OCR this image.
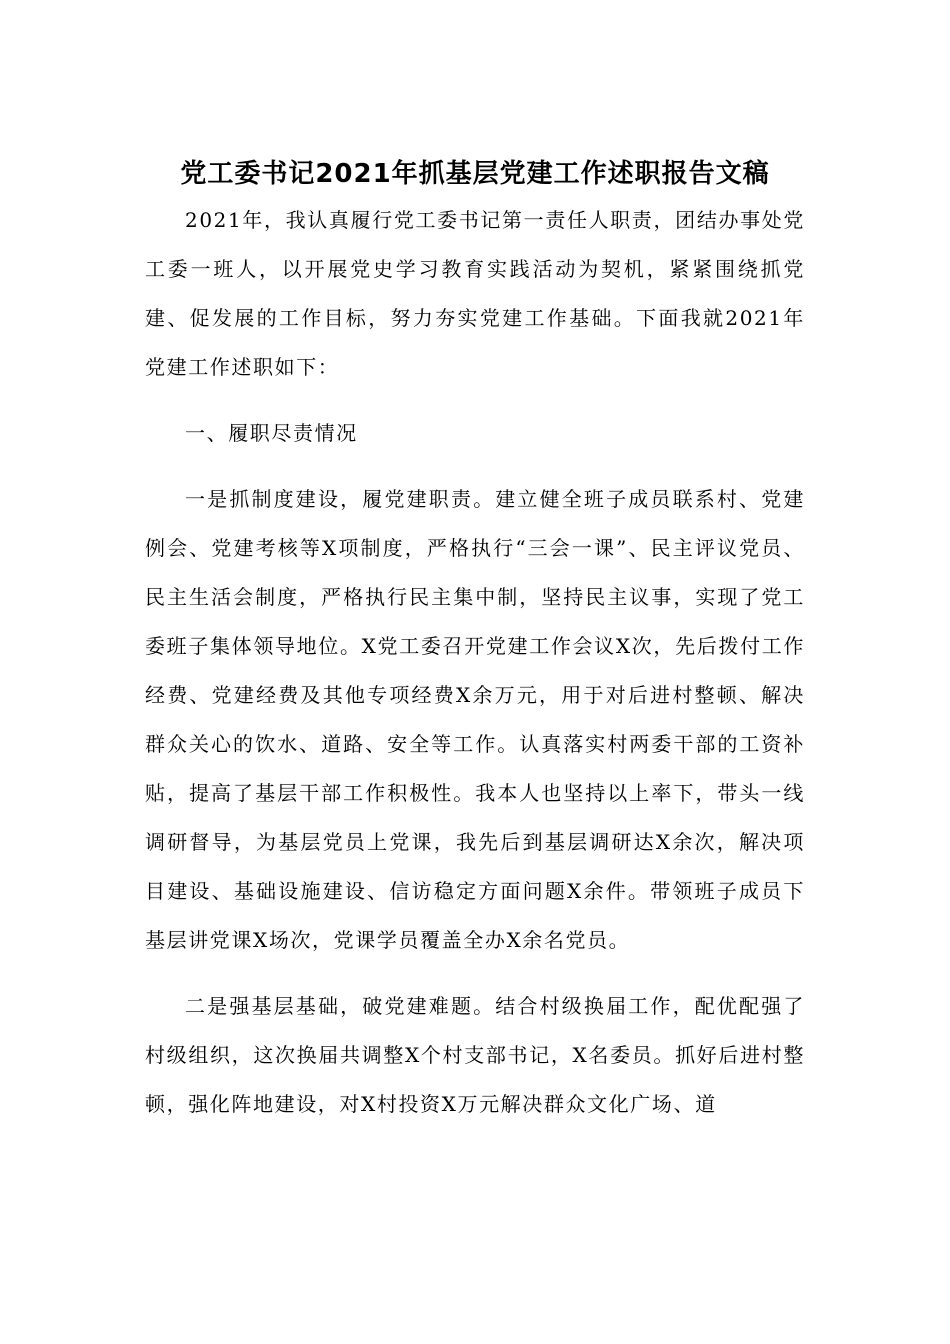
党工委书记2021年抓基层党建工作述职报告文稿

2021年，我认真履行党工委书记第一责任人职责，团结办事处党工委一班人，以开展党史学习教育实践活动为契机，紧紧围绕抓党建、促发展的工作目标，努力夯实党建工作基础。下面我就2021年党建工作述职如下：

一、履职尽责情况

一是抓制度建设，履党建职责。建立健全班子成员联系村、党建例会、党建考核等X项制度，严格执行“三会一课”、民主评议党员、民主生活会制度，严格执行民主集中制，坚持民主议事，实现了党工委班子集体领导地位。X党工委召开党建工作会议X次，先后拨付工作经费、党建经费及其他专项经费X余万元，用于对后进村整顿、解决群众关心的饮水、道路、安全等工作。认真落实村两委干部的工资补贴，提高了基层干部工作积极性。我本人也坚持以上率下，带头一线调研督导，为基层党员上党课，我先后到基层调研达X余次，解决项目建设、基础设施建设、信访稳定方面问题X余件。带领班子成员下基层讲党课X场次，党课学员覆盖全办X余名党员。

二是强基层基础，破党建难题。结合村级换届工作，配优配强了村级组织，这次换届共调整X个村支部书记，X名委员。抓好后进村整顿，强化阵地建设，对X村投资X万元解决群众文化广场、道
